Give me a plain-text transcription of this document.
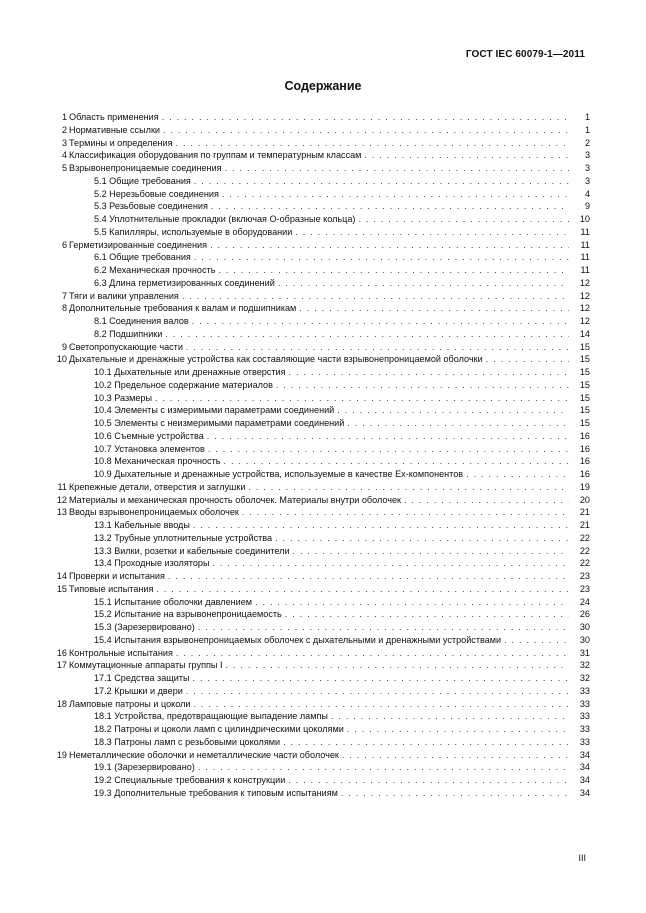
ГОСТ IEC 60079-1—2011
Содержание
1 Область применения . . .	1
2 Нормативные ссылки . . .	1
3 Термины и определения . . .	2
4 Классификация оборудования по группам и температурным классам . . .	3
5 Взрывонепроницаемые соединения . . .	3
5.1 Общие требования . . .	3
5.2 Нерезьбовые соединения . . .	4
5.3 Резьбовые соединения . . .	9
5.4 Уплотнительные прокладки (включая О-образные кольца) . . .	10
5.5 Капилляры, используемые в оборудовании . . .	11
6 Герметизированные соединения . . .	11
6.1 Общие требования . . .	11
6.2 Механическая прочность . . .	11
6.3 Длина герметизированных соединений . . .	12
7 Тяги и валики управления . . .	12
8 Дополнительные требования к валам и подшипникам . . .	12
8.1 Соединения валов . . .	12
8.2 Подшипники . . .	14
9 Светопропускающие части . . .	15
10 Дыхательные и дренажные устройства как составляющие части взрывонепроницаемой оболочки . . .	15
10.1 Дыхательные или дренажные отверстия . . .	15
10.2 Предельное содержание материалов . . .	15
10.3 Размеры . . .	15
10.4 Элементы с измеримыми параметрами соединений . . .	15
10.5 Элементы с неизмеримыми параметрами соединений . . .	15
10.6 Съемные устройства . . .	16
10.7 Установка элементов . . .	16
10.8 Механическая прочность . . .	16
10.9 Дыхательные и дренажные устройства, используемые в качестве Ex-компонентов . . .	16
11 Крепежные детали, отверстия и заглушки . . .	19
12 Материалы и механическая прочность оболочек. Материалы внутри оболочек . . .	20
13 Вводы взрывонепроницаемых оболочек . . .	21
13.1 Кабельные вводы . . .	21
13.2 Трубные уплотнительные устройства . . .	22
13.3 Вилки, розетки и кабельные соединители . . .	22
13.4 Проходные изоляторы . . .	22
14 Проверки и испытания . . .	23
15 Типовые испытания . . .	23
15.1 Испытание оболочки давлением . . .	24
15.2 Испытание на взрывонепроницаемость . . .	26
15.3 (Зарезервировано) . . .	30
15.4 Испытания взрывонепроницаемых оболочек с дыхательными и дренажными устройствами . . .	30
16 Контрольные испытания . . .	31
17 Коммутационные аппараты группы I . . .	32
17.1 Средства защиты . . .	32
17.2 Крышки и двери . . .	33
18 Ламповые патроны и цоколи . . .	33
18.1 Устройства, предотвращающие выпадение лампы . . .	33
18.2 Патроны и цоколи ламп с цилиндрическими цоколями . . .	33
18.3 Патроны ламп с резьбовыми цоколями . . .	33
19 Неметаллические оболочки и неметаллические части оболочек . . .	34
19.1 (Зарезервировано) . . .	34
19.2 Специальные требования к конструкции . . .	34
19.3 Дополнительные требования к типовым испытаниям . . .	34
III
